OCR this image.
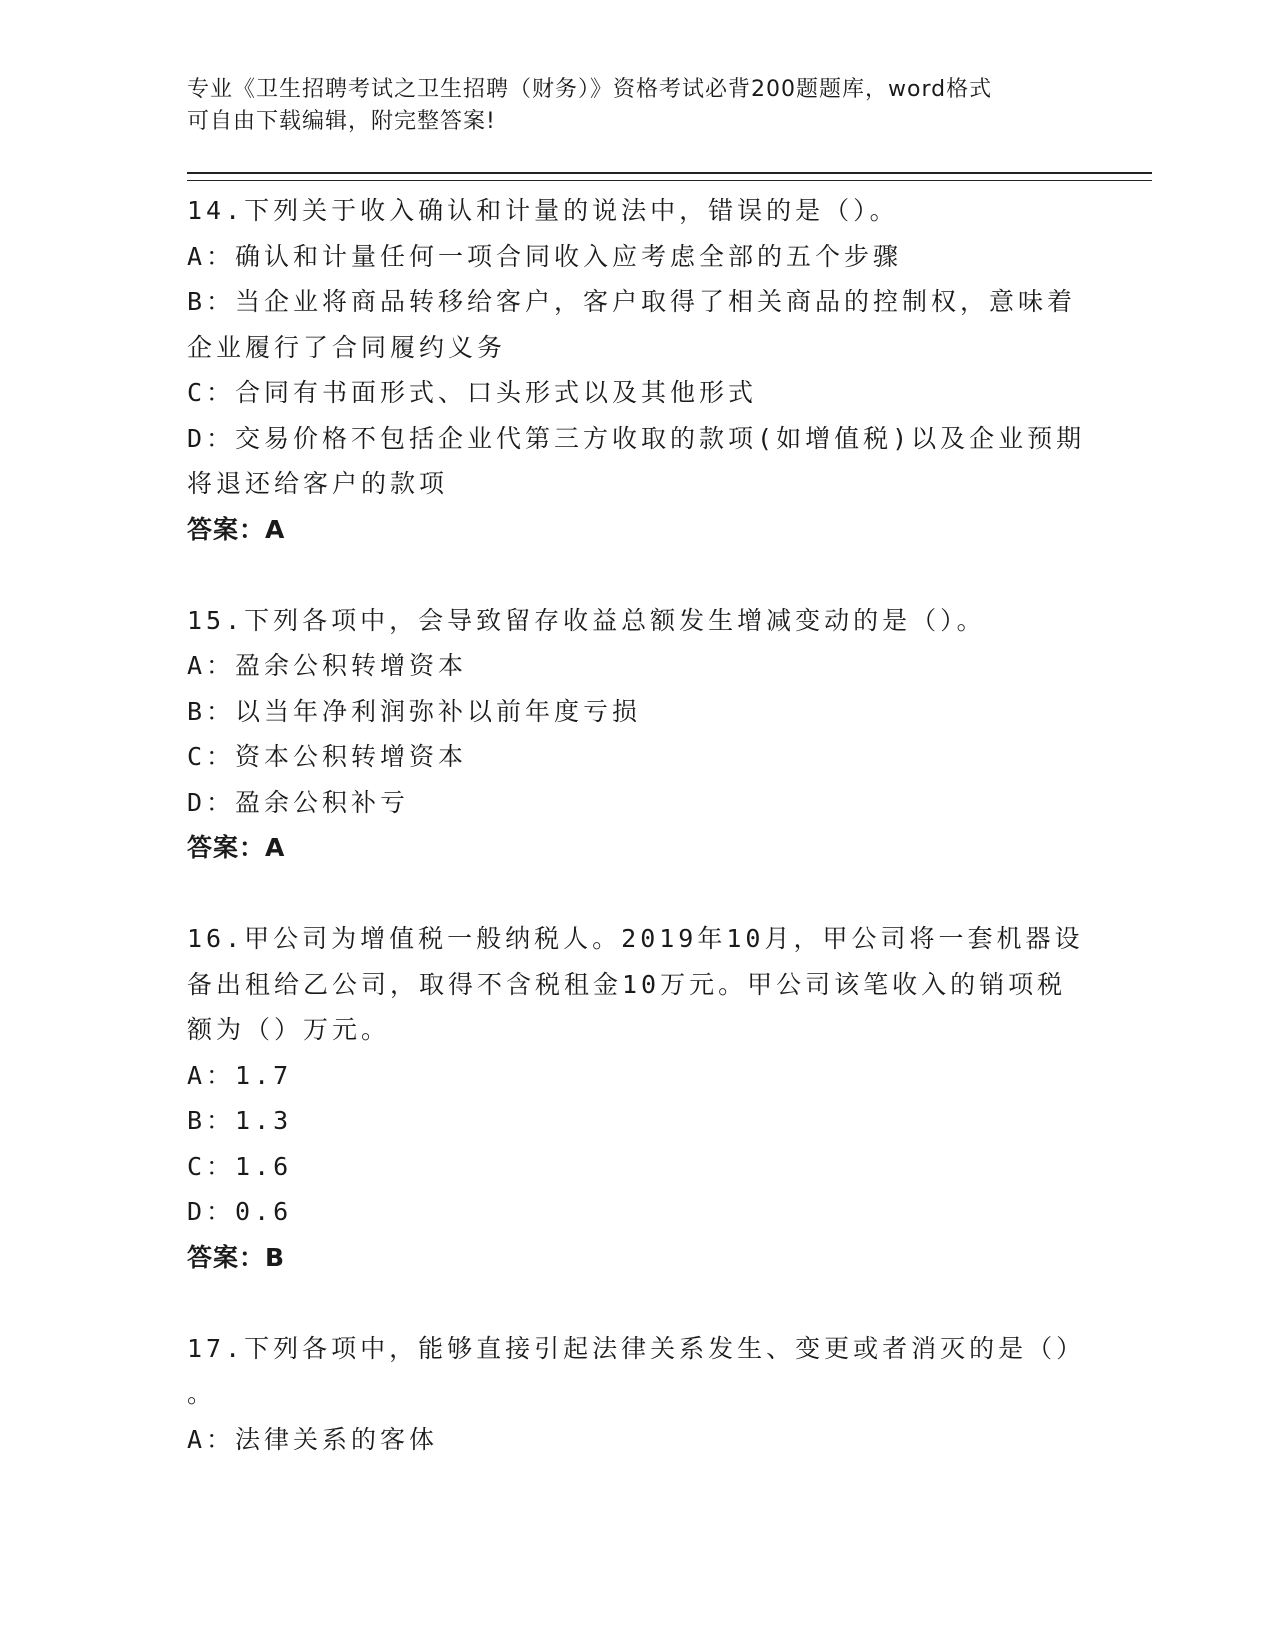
专业《卫生招聘考试之卫生招聘（财务）》资格考试必背200题题库，word格式
可自由下载编辑，附完整答案!
14.下列关于收入确认和计量的说法中，错误的是（）。
A：确认和计量任何一项合同收入应考虑全部的五个步骤
B：当企业将商品转移给客户，客户取得了相关商品的控制权，意味着
企业履行了合同履约义务
C：合同有书面形式、口头形式以及其他形式
D：交易价格不包括企业代第三方收取的款项(如增值税)以及企业预期
将退还给客户的款项
答案：A
15.下列各项中，会导致留存收益总额发生增减变动的是（）。
A：盈余公积转增资本
B：以当年净利润弥补以前年度亏损
C：资本公积转增资本
D：盈余公积补亏
答案：A
16.甲公司为增值税一般纳税人。2019年10月，甲公司将一套机器设
备出租给乙公司，取得不含税租金10万元。甲公司该笔收入的销项税
额为（）万元。
A：1.7
B：1.3
C：1.6
D：0.6
答案：B
17.下列各项中，能够直接引起法律关系发生、变更或者消灭的是（）
。
A：法律关系的客体
